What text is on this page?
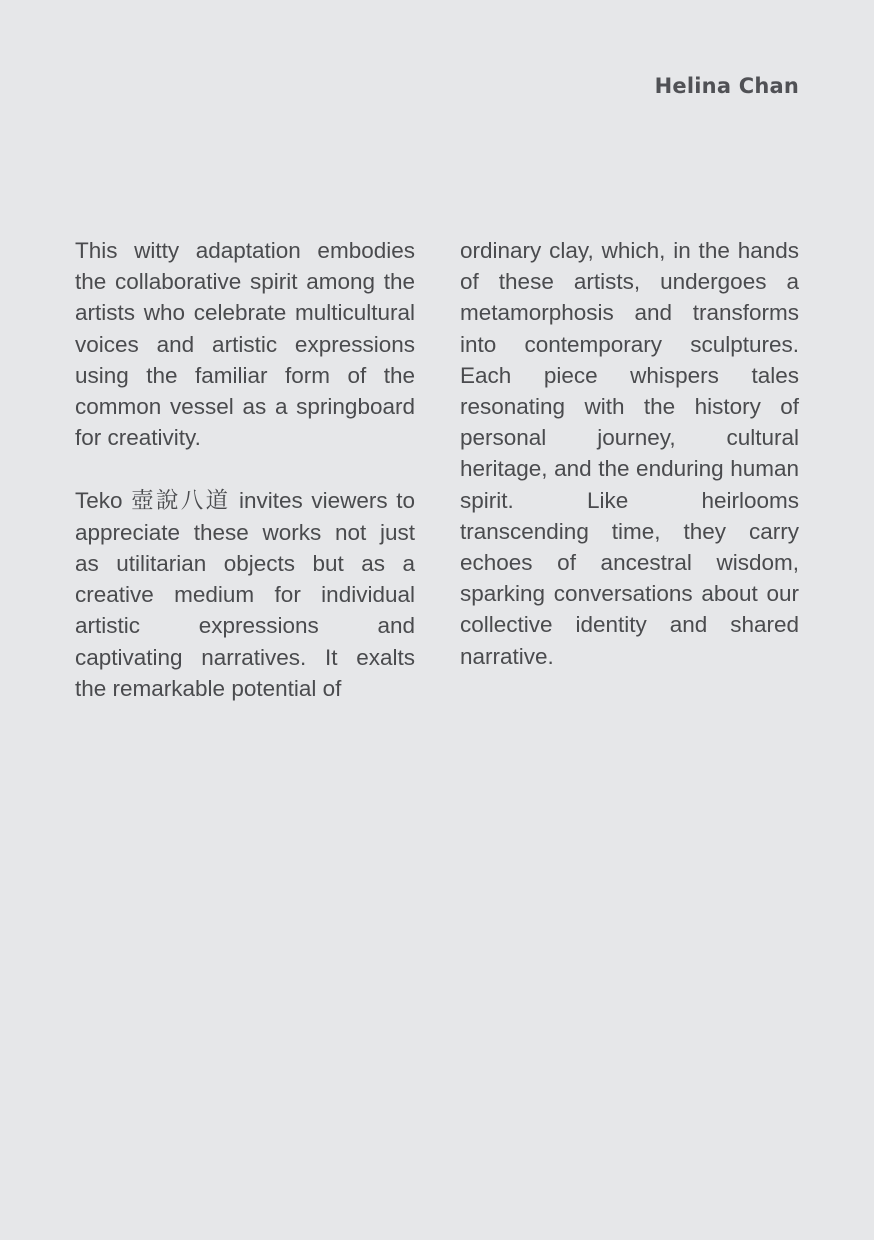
Helina Chan

This witty adaptation embodies the collaborative spirit among the artists who celebrate multicultural voices and artistic expressions using the familiar form of the common vessel as a springboard for creativity.

Teko 壺說八道 invites viewers to appreciate these works not just as utilitarian objects but as a creative medium for individual artistic expressions and captivating narratives. It exalts the remarkable potential of

ordinary clay, which, in the hands of these artists, undergoes a metamorphosis and transforms into contemporary sculptures. Each piece whispers tales resonating with the history of personal journey, cultural heritage, and the enduring human spirit. Like heirlooms transcending time, they carry echoes of ancestral wisdom, sparking conversations about our collective identity and shared narrative.
